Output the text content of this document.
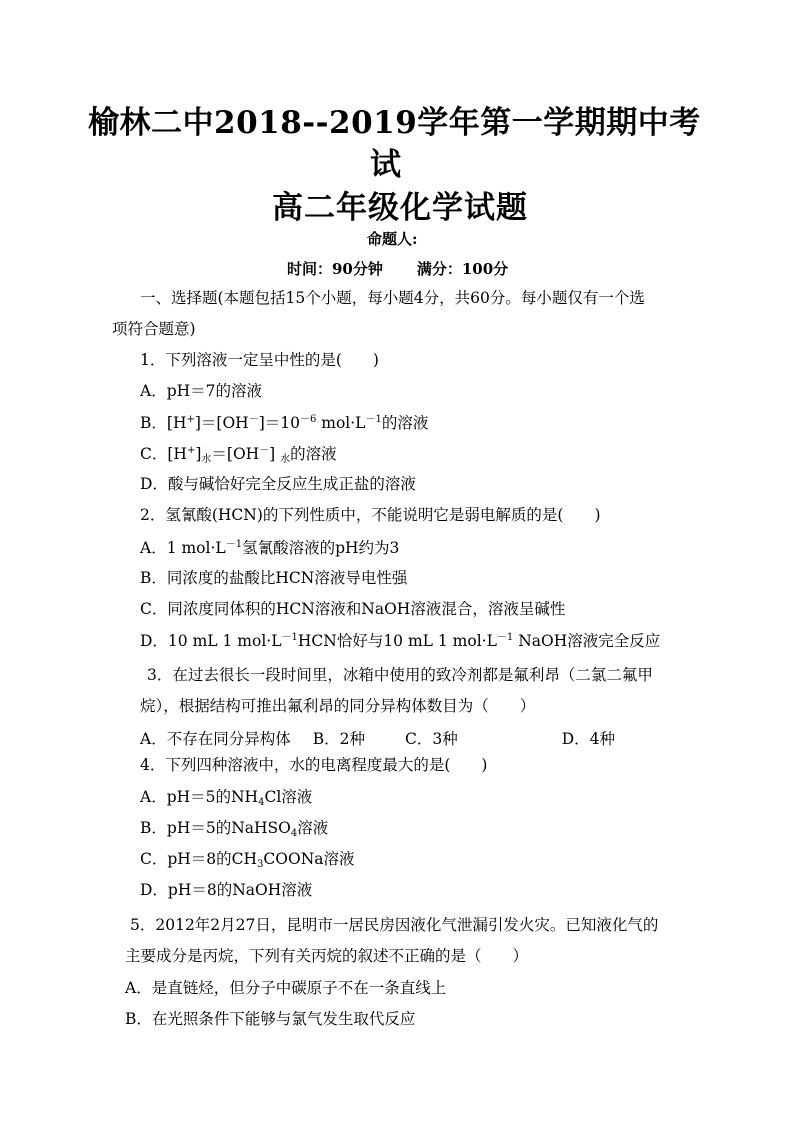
榆林二中2018--2019学年第一学期期中考
试
高二年级化学试题
命题人:
时间：90分钟 满分：100分
一、选择题(本题包括15个小题，每小题4分，共60分。每小题仅有一个选
项符合题意)
1．下列溶液一定呈中性的是(　　)
A．pH＝7的溶液
B．$[H^+]=[OH^-]=10^{-6}$ $mol\cdot L^{-1}$的溶液
C．$[H^+]_水=[OH^-]$ $_水$的溶液
D．酸与碱恰好完全反应生成正盐的溶液
2．氢氰酸(HCN)的下列性质中，不能说明它是弱电解质的是(　　)
A．1 $mol\cdot L^{-1}$氢氰酸溶液的pH约为3
B．同浓度的盐酸比HCN溶液导电性强
C．同浓度同体积的HCN溶液和NaOH溶液混合，溶液呈碱性
D．10 mL 1 $mol\cdot L^{-1}HCN$恰好与10 mL 1 $mol\cdot L^{-1}$ NaOH溶液完全反应
3．在过去很长一段时间里，冰箱中使用的致冷剂都是氟利昂（二氯二氟甲
烷），根据结构可推出氟利昂的同分异构体数目为（　　）
A．不存在同分异构体 B．2种	C．3种	D．4种
4．下列四种溶液中，水的电离程度最大的是(　　)
A．pH＝5的$NH_4Cl$溶液
B．pH＝5的NaHSO$_4$溶液
C．pH＝8的$CH_3COONa$溶液
D．pH＝8的NaOH溶液
5．2012年2月27日，昆明市一居民房因液化气泄漏引发火灾。已知液化气的
主要成分是丙烷，下列有关丙烷的叙述不正确的是（　　）
A．是直链烃，但分子中碳原子不在一条直线上
B．在光照条件下能够与氯气发生取代反应
